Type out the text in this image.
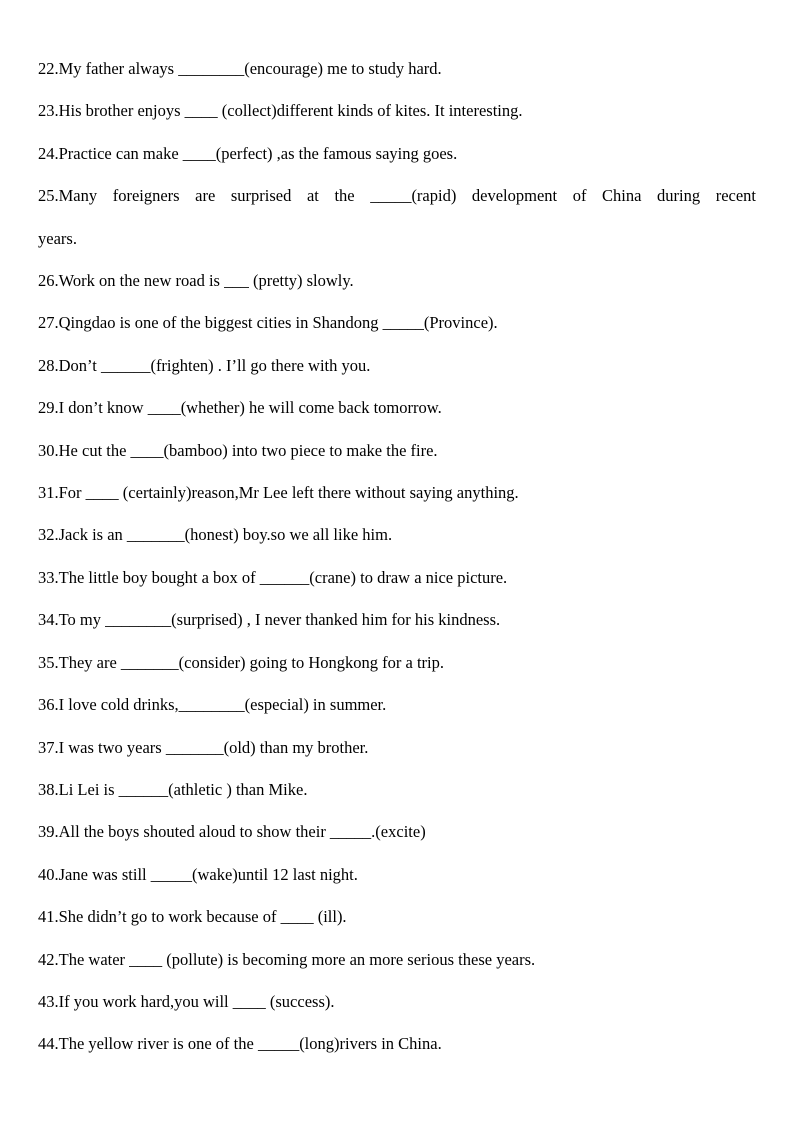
22.My father always ________(encourage) me to study hard.

23.His brother enjoys ____ (collect)different kinds of kites. It interesting.

24.Practice can make ____(perfect) ,as the famous saying goes.

25.Many foreigners are surprised at the _____(rapid) development of China during recent

years.

26.Work on the new road is ___ (pretty) slowly.

27.Qingdao is one of the biggest cities in Shandong _____(Province).

28.Don’t ______(frighten) . I’ll go there with you.

29.I don’t know ____(whether) he will come back tomorrow.

30.He cut the ____(bamboo) into two piece to make the fire.

31.For ____ (certainly)reason,Mr Lee left there without saying anything.

32.Jack is an _______(honest) boy.so we all like him.

33.The little boy bought a box of ______(crane) to draw a nice picture.

34.To my ________(surprised) , I never thanked him for his kindness.

35.They are _______(consider) going to Hongkong for a trip.

36.I love cold drinks,________(especial) in summer.

37.I was two years _______(old) than my brother.

38.Li Lei is ______(athletic ) than Mike.

39.All the boys shouted aloud to show their _____.(excite)

40.Jane was still _____(wake)until 12 last night.

41.She didn’t go to work because of ____ (ill).

42.The water ____ (pollute) is becoming more an more serious these years.

43.If you work hard,you will ____ (success).

44.The yellow river is one of the _____(long)rivers in China.
